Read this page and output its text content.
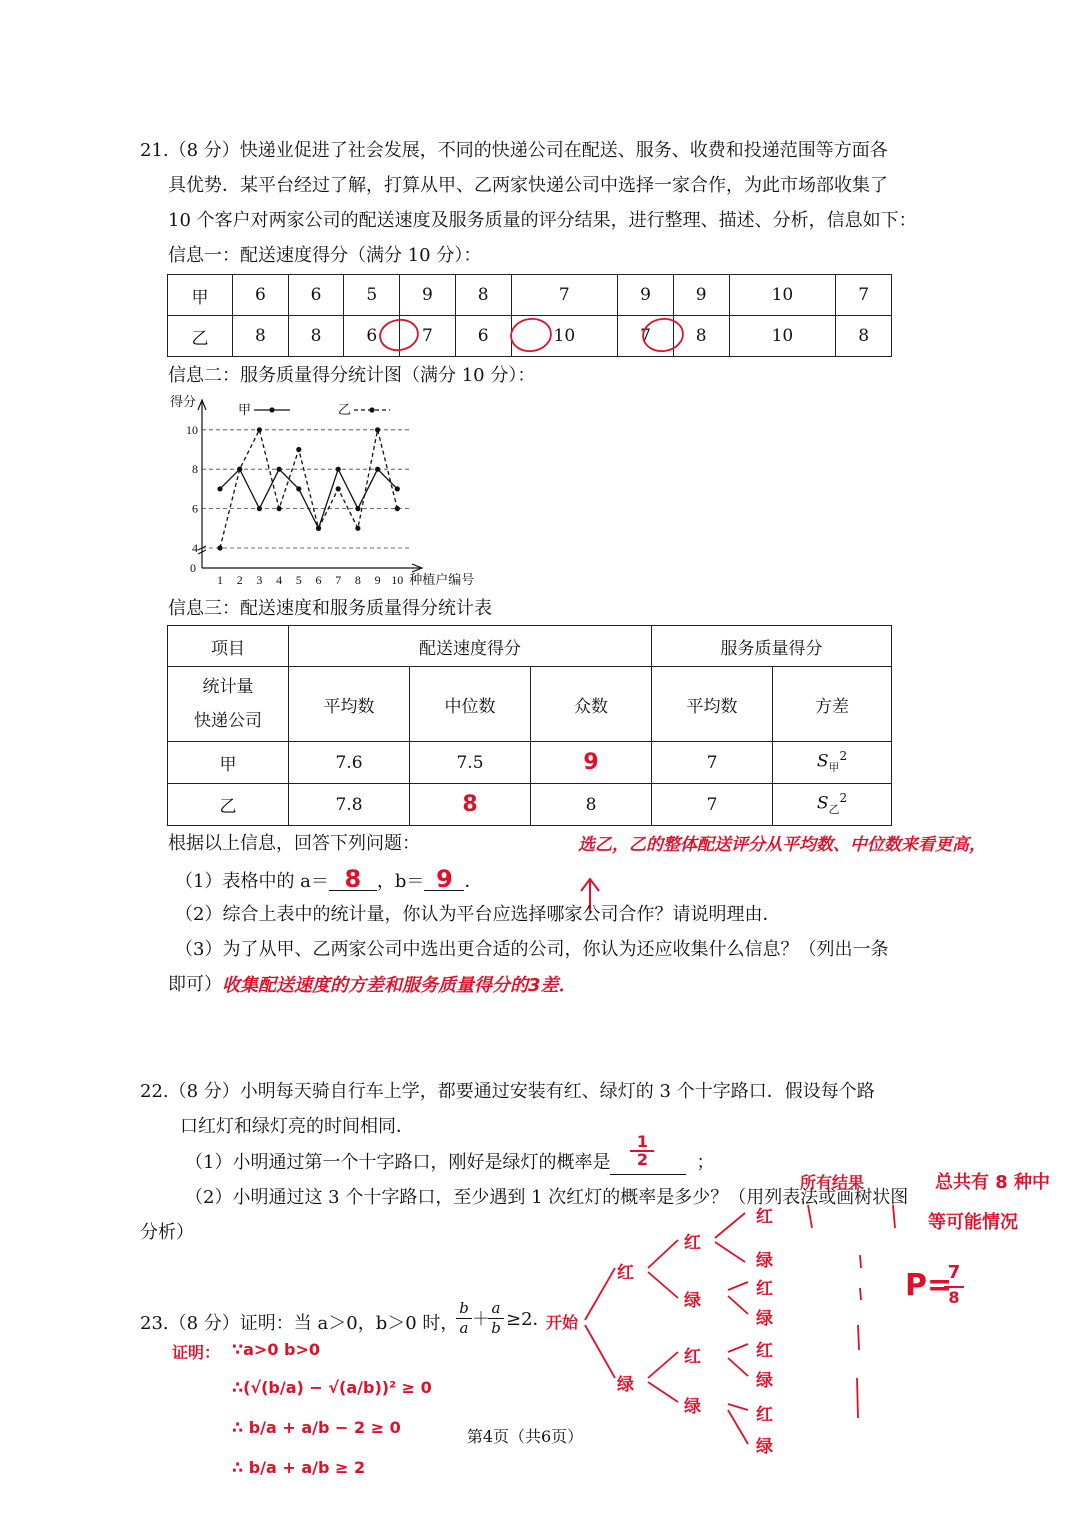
21.（8 分）快递业促进了社会发展，不同的快递公司在配送、服务、收费和投递范围等方面各
具优势．某平台经过了解，打算从甲、乙两家快递公司中选择一家合作，为此市场部收集了
10 个客户对两家公司的配送速度及服务质量的评分结果，进行整理、描述、分析，信息如下：
信息一：配送速度得分（满分 10 分）：
甲	6	6	5	9	8	7	9	9	10	7
乙	8	8	6	7	6	10	7	8	10	8
信息二：服务质量得分统计图（满分 10 分）：
得分
4
6
8
10
0
1 2 3 4 5 6 7 8 9 10 种植户编号
甲	乙
信息三：配送速度和服务质量得分统计表
项目	配送速度得分			服务质量得分	

统计量
快递公司	平均数	中位数	众数	平均数	方差
甲	7.6	7.5	9	7	$S_甲^2$
乙	7.8	8	8	7	$S_乙^2$
根据以上信息，回答下列问题：	选乙，乙的整体配送评分从平均数、中位数来看更高，
（1）表格中的 a＝ 8 ，b＝ 9 ．
（2）综合上表中的统计量，你认为平台应选择哪家公司合作？请说明理由．
（3）为了从甲、乙两家公司中选出更合适的公司，你认为还应收集什么信息？（列出一条
即可） 收集配送速度的方差和服务质量得分的3差．
22.（8 分）小明每天骑自行车上学，都要通过安装有红、绿灯的 3 个十字路口．假设每个路
口红灯和绿灯亮的时间相同．
（1）小明通过第一个十字路口，刚好是绿灯的概率是 $\frac{1}{2}$ ；
（2）小明通过这 3 个十字路口，至少遇到 1 次红灯的概率是多少？（用列表法或画树状图
分析）
所有结果	总共有 8 种中
等可能情况
P=
7
8
开始
红
绿
红
绿
红
绿
红
绿
红
绿
红
绿
红
绿
23.（8 分）证明：当 a＞0，b＞0 时，
b
a ＋
a
b ≥2．
证明： ∵a>0 b>0
∴(√(b/a) − √(a/b))² ≥ 0
∴ b/a + a/b − 2 ≥ 0
∴ b/a + a/b ≥ 2
第4页（共6页）
